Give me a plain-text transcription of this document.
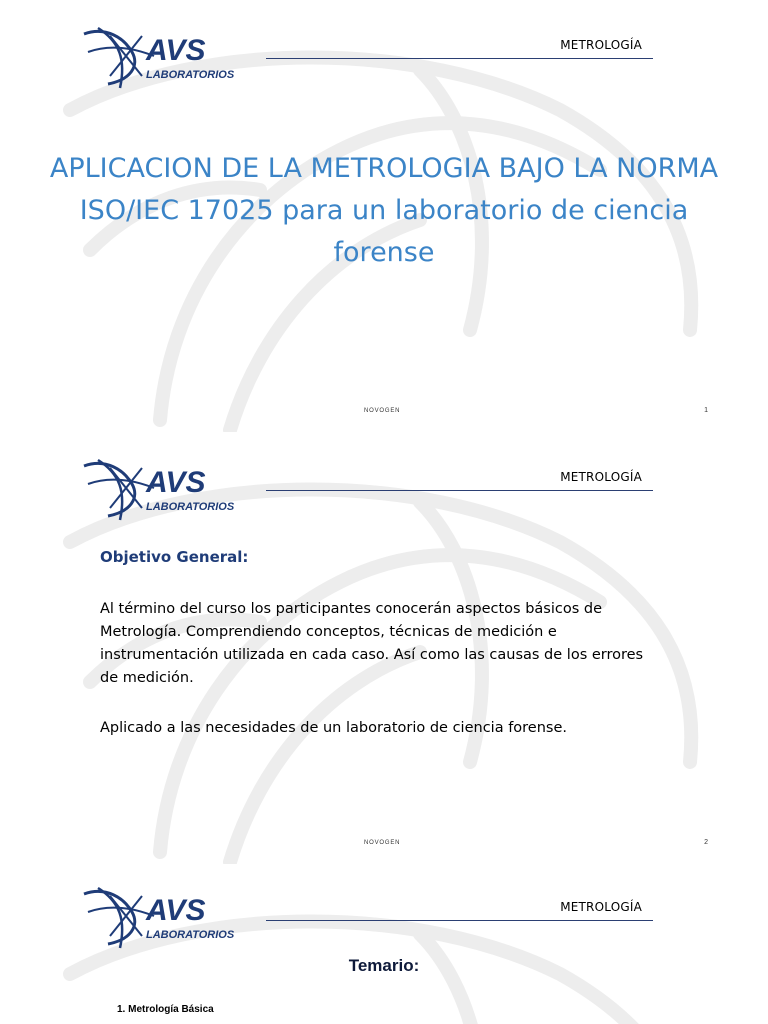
AVS
LABORATORIOS
METROLOGÍA
APLICACION DE LA METROLOGIA BAJO LA NORMA ISO/IEC 17025 para un laboratorio de ciencia forense
NOVOGEN	1
AVS
LABORATORIOS
METROLOGÍA
Objetivo General:

Al término del curso los participantes conocerán aspectos básicos de Metrología. Comprendiendo conceptos, técnicas de medición e instrumentación utilizada en cada caso. Así como las causas de los errores de medición.

Aplicado a las necesidades de un laboratorio de ciencia forense.

NOVOGEN	2
AVS
LABORATORIOS
METROLOGÍA
Temario:
1. Metrología Básica
